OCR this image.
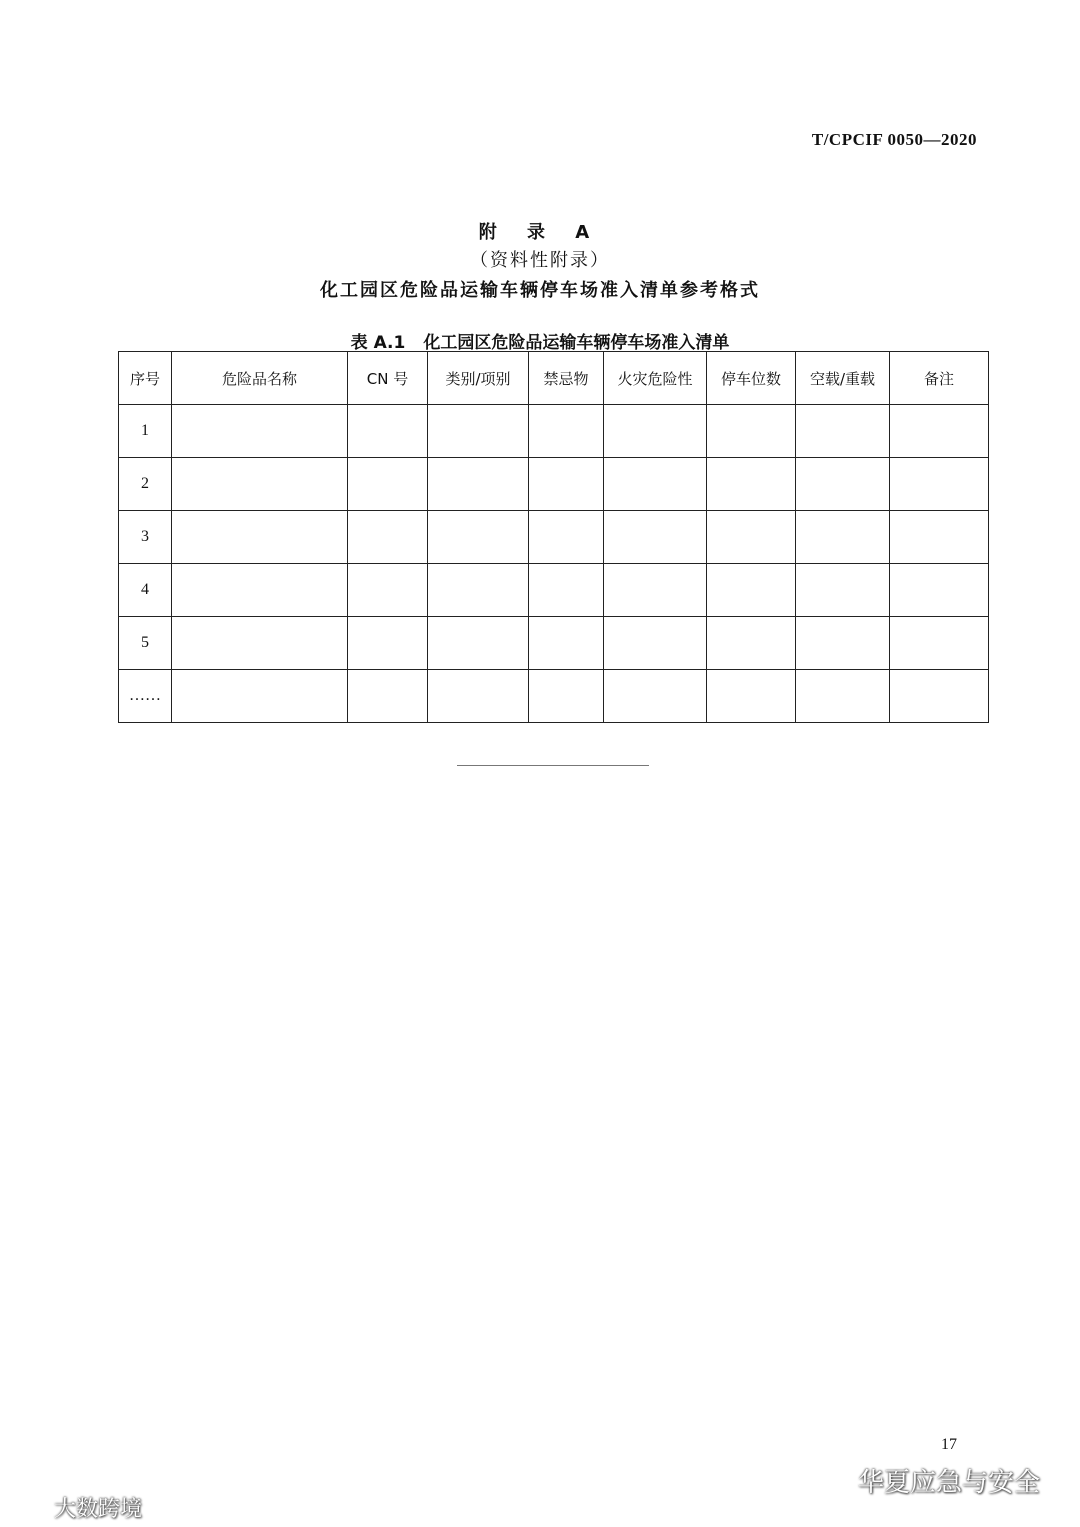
T/CPCIF 0050—2020
附 录 A
（资料性附录）
化工园区危险品运输车辆停车场准入清单参考格式
表 A.1 化工园区危险品运输车辆停车场准入清单
序号	危险品名称	CN 号	类别/项别	禁忌物	火灾危险性	停车位数	空载/重载	备注
1								
2								
3								
4								
5								
……								
17
华夏应急与安全
大数跨境
